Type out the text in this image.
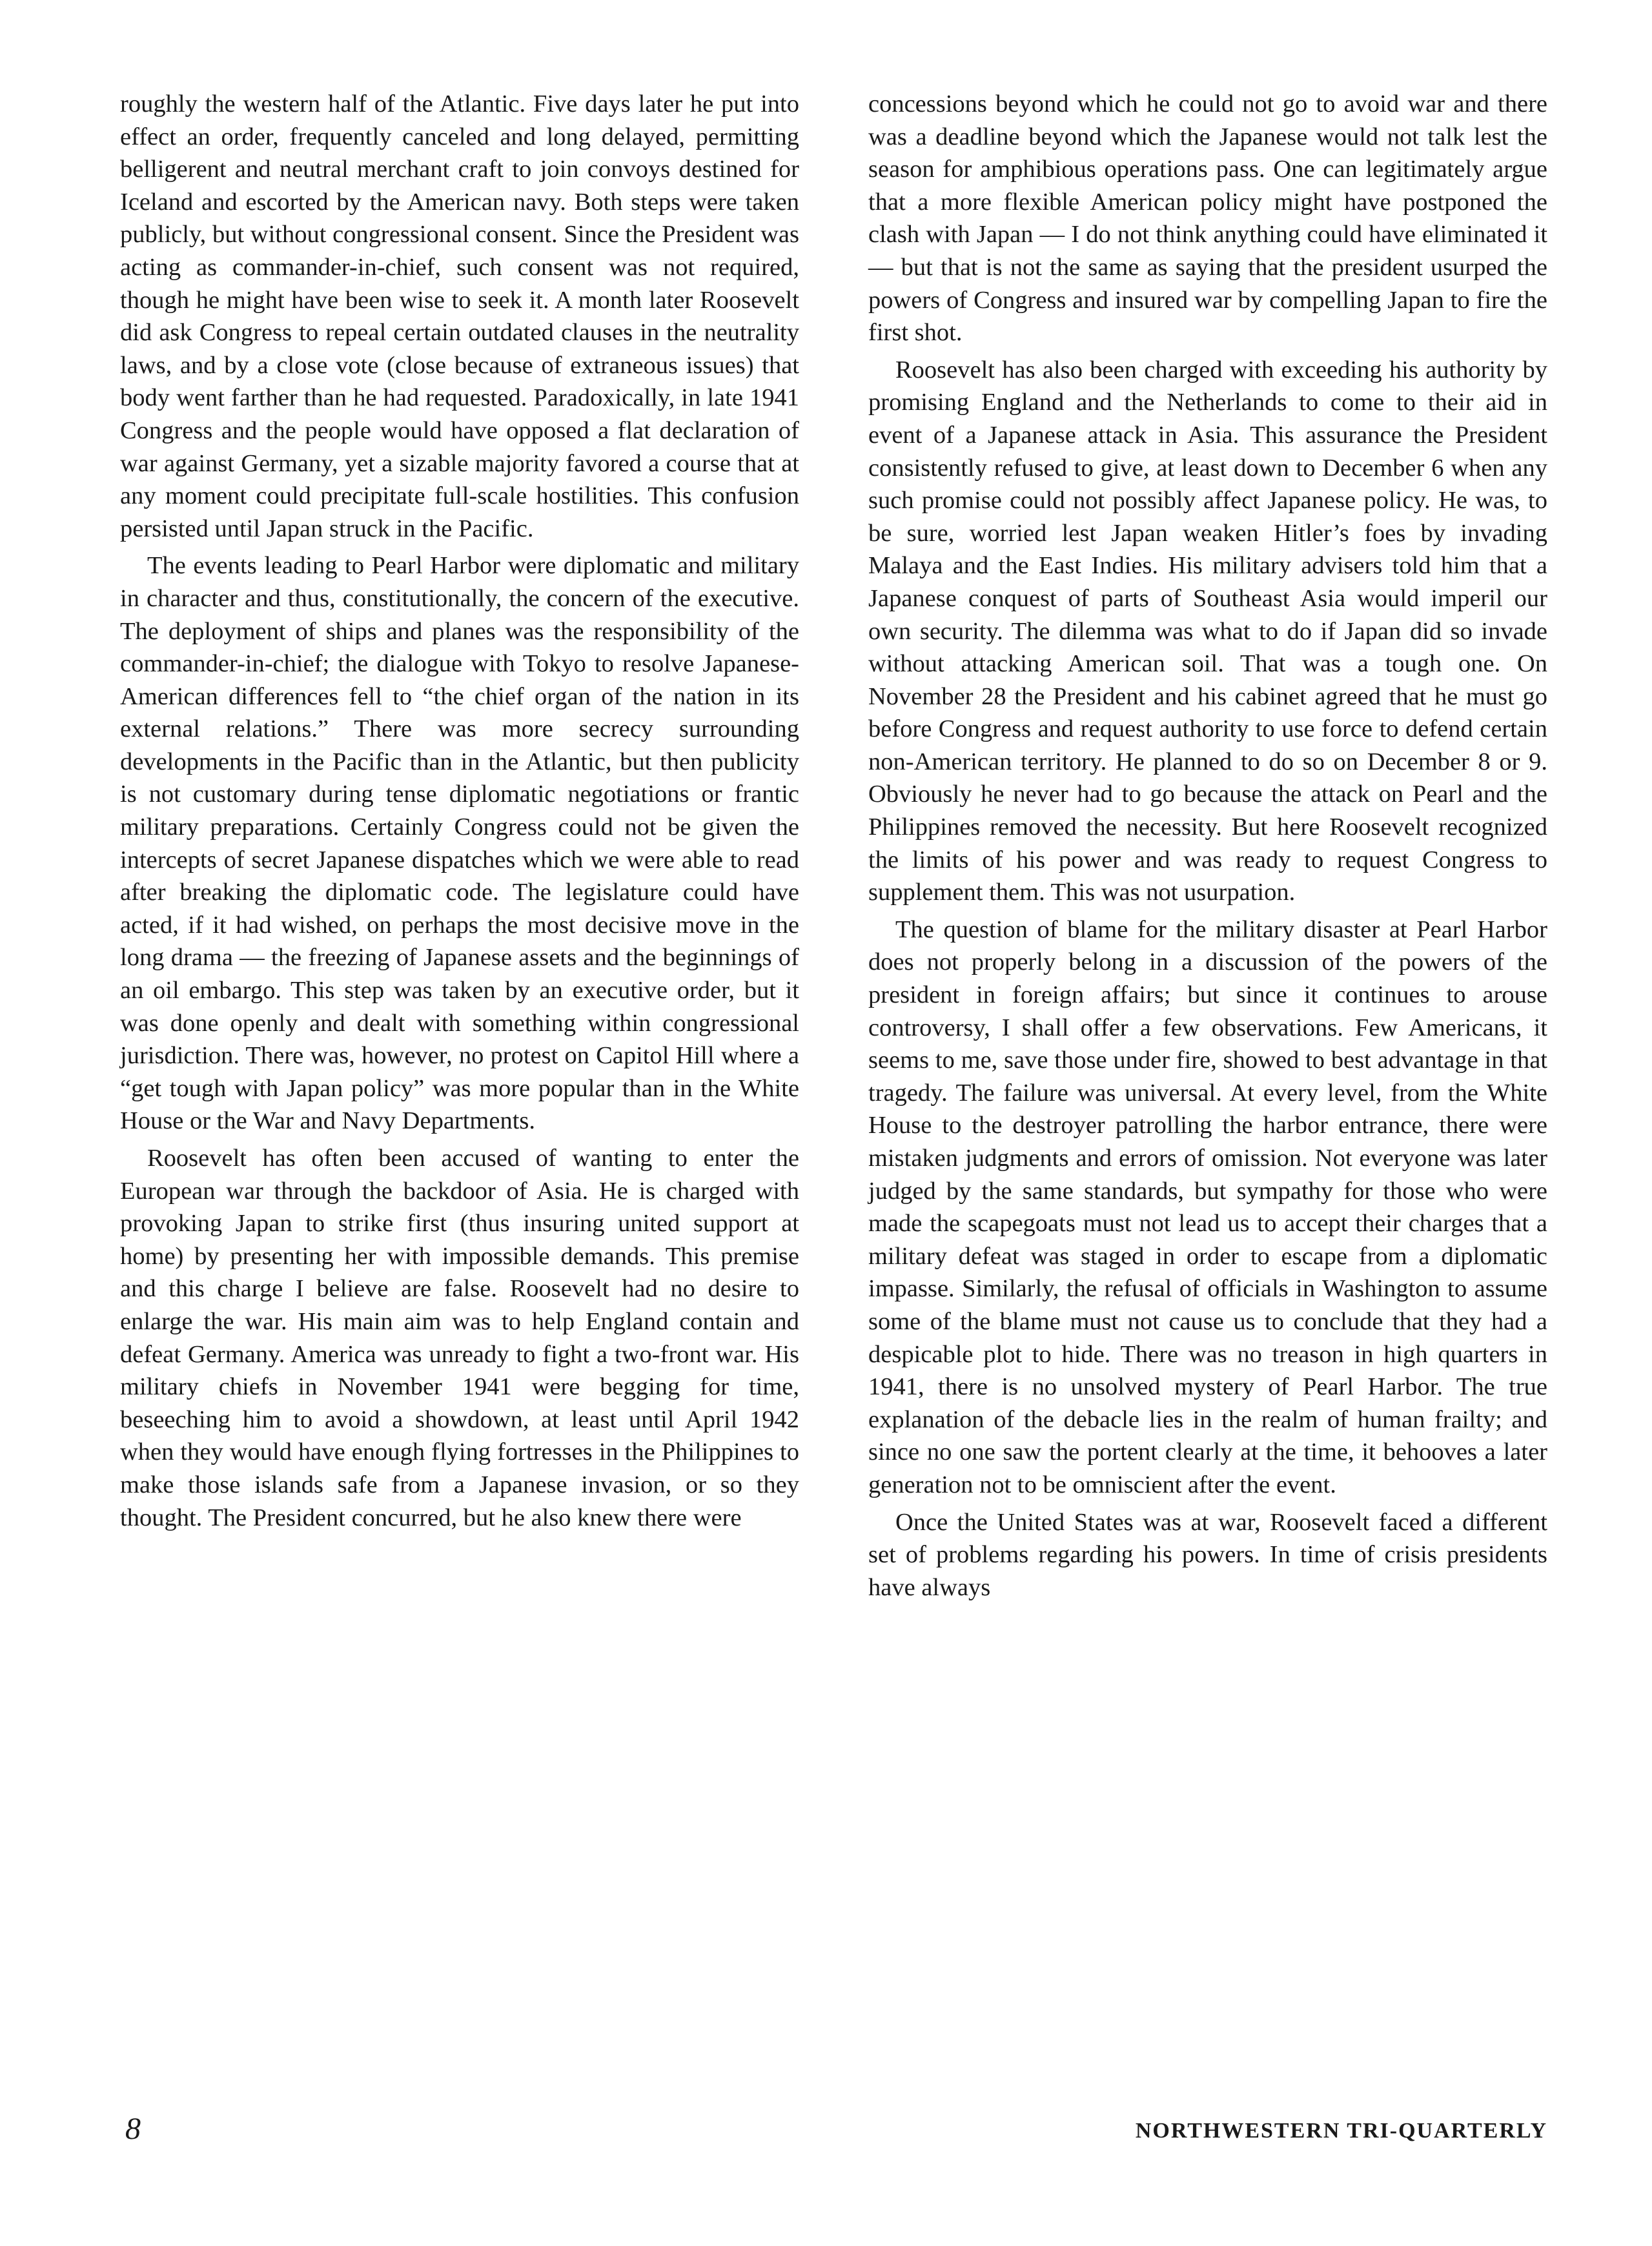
roughly the western half of the Atlantic. Five days later he put into effect an order, frequently canceled and long delayed, permitting belligerent and neutral merchant craft to join convoys destined for Iceland and escorted by the American navy. Both steps were taken publicly, but without congressional consent. Since the President was acting as commander-in-chief, such consent was not required, though he might have been wise to seek it. A month later Roosevelt did ask Congress to repeal certain outdated clauses in the neutrality laws, and by a close vote (close because of extraneous issues) that body went farther than he had requested. Paradoxically, in late 1941 Congress and the people would have opposed a flat declaration of war against Germany, yet a sizable majority favored a course that at any moment could precipitate full-scale hostilities. This confusion persisted until Japan struck in the Pacific.

The events leading to Pearl Harbor were diplomatic and military in character and thus, constitutionally, the concern of the executive. The deployment of ships and planes was the responsibility of the commander-in-chief; the dialogue with Tokyo to resolve Japanese-American differences fell to “the chief organ of the nation in its external relations.” There was more secrecy surrounding developments in the Pacific than in the Atlantic, but then publicity is not customary during tense diplomatic negotiations or frantic military preparations. Certainly Congress could not be given the intercepts of secret Japanese dispatches which we were able to read after breaking the diplomatic code. The legislature could have acted, if it had wished, on perhaps the most decisive move in the long drama — the freezing of Japanese assets and the beginnings of an oil embargo. This step was taken by an executive order, but it was done openly and dealt with something within congressional jurisdiction. There was, however, no protest on Capitol Hill where a “get tough with Japan policy” was more popular than in the White House or the War and Navy Departments.

Roosevelt has often been accused of wanting to enter the European war through the backdoor of Asia. He is charged with provoking Japan to strike first (thus insuring united support at home) by presenting her with impossible demands. This premise and this charge I believe are false. Roosevelt had no desire to enlarge the war. His main aim was to help England contain and defeat Germany. America was unready to fight a two-front war. His military chiefs in November 1941 were begging for time, beseeching him to avoid a showdown, at least until April 1942 when they would have enough flying fortresses in the Philippines to make those islands safe from a Japanese invasion, or so they thought. The President concurred, but he also knew there were

concessions beyond which he could not go to avoid war and there was a deadline beyond which the Japanese would not talk lest the season for amphibious operations pass. One can legitimately argue that a more flexible American policy might have postponed the clash with Japan — I do not think anything could have eliminated it — but that is not the same as saying that the president usurped the powers of Congress and insured war by compelling Japan to fire the first shot.

Roosevelt has also been charged with exceeding his authority by promising England and the Netherlands to come to their aid in event of a Japanese attack in Asia. This assurance the President consistently refused to give, at least down to December 6 when any such promise could not possibly affect Japanese policy. He was, to be sure, worried lest Japan weaken Hitler’s foes by invading Malaya and the East Indies. His military advisers told him that a Japanese conquest of parts of Southeast Asia would imperil our own security. The dilemma was what to do if Japan did so invade without attacking American soil. That was a tough one. On November 28 the President and his cabinet agreed that he must go before Congress and request authority to use force to defend certain non-American territory. He planned to do so on December 8 or 9. Obviously he never had to go because the attack on Pearl and the Philippines removed the necessity. But here Roosevelt recognized the limits of his power and was ready to request Congress to supplement them. This was not usurpation.

The question of blame for the military disaster at Pearl Harbor does not properly belong in a discussion of the powers of the president in foreign affairs; but since it continues to arouse controversy, I shall offer a few observations. Few Americans, it seems to me, save those under fire, showed to best advantage in that tragedy. The failure was universal. At every level, from the White House to the destroyer patrolling the harbor entrance, there were mistaken judgments and errors of omission. Not everyone was later judged by the same standards, but sympathy for those who were made the scapegoats must not lead us to accept their charges that a military defeat was staged in order to escape from a diplomatic impasse. Similarly, the refusal of officials in Washington to assume some of the blame must not cause us to conclude that they had a despicable plot to hide. There was no treason in high quarters in 1941, there is no unsolved mystery of Pearl Harbor. The true explanation of the debacle lies in the realm of human frailty; and since no one saw the portent clearly at the time, it behooves a later generation not to be omniscient after the event.

Once the United States was at war, Roosevelt faced a different set of problems regarding his powers. In time of crisis presidents have always

8	NORTHWESTERN TRI-QUARTERLY
